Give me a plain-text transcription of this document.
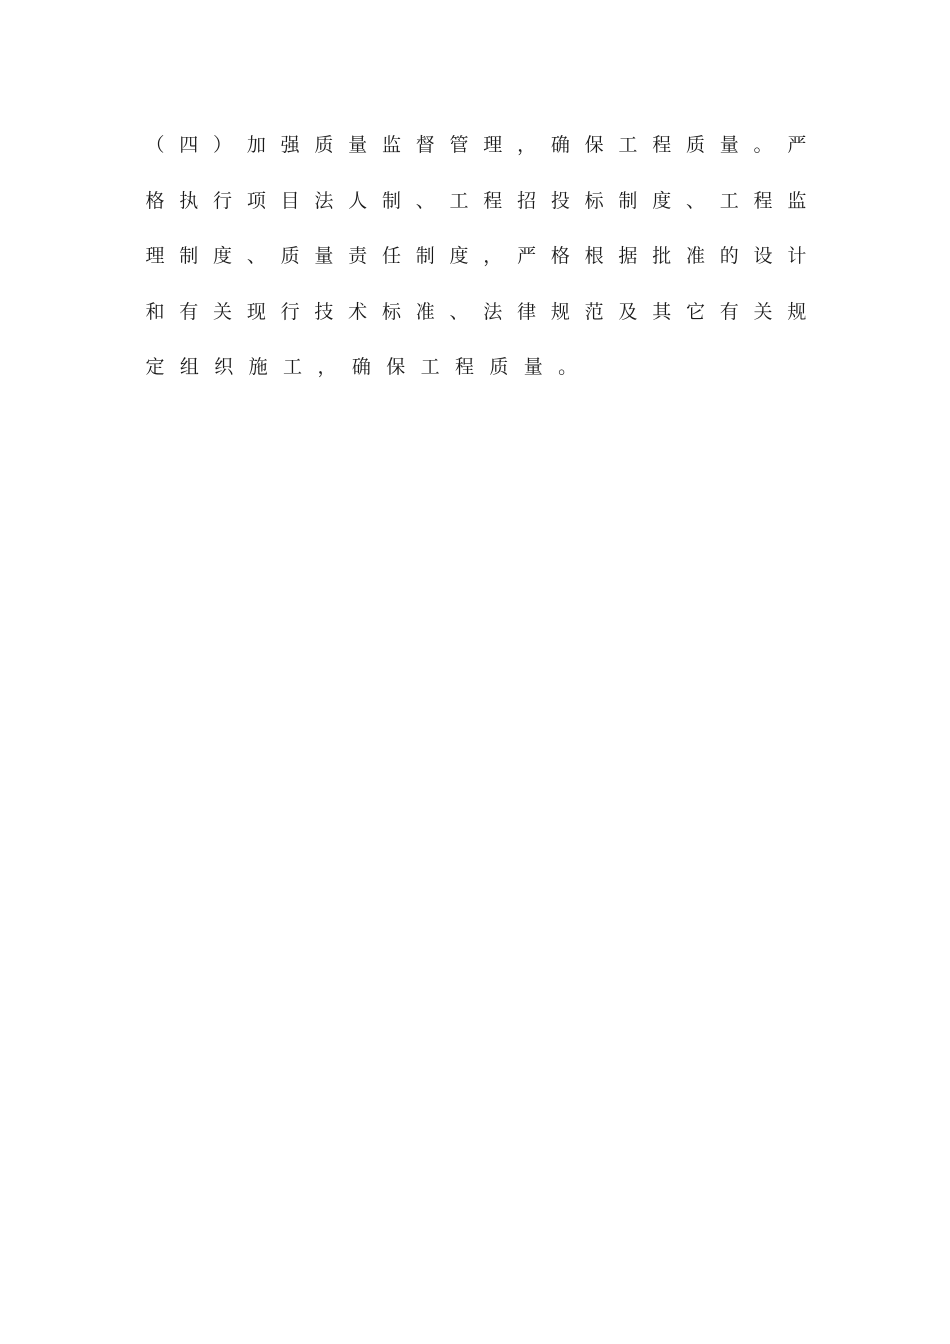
（ 四 ） 加 强 质 量 监 督 管 理 ， 确 保 工 程 质 量 。 严
格 执 行 项 目 法 人 制 、 工 程 招 投 标 制 度 、 工 程 监
理 制 度 、 质 量 责 任 制 度 ， 严 格 根 据 批 准 的 设 计
和 有 关 现 行 技 术 标 准 、 法 律 规 范 及 其 它 有 关 规
定 组 织 施 工 ， 确 保 工 程 质 量 。
